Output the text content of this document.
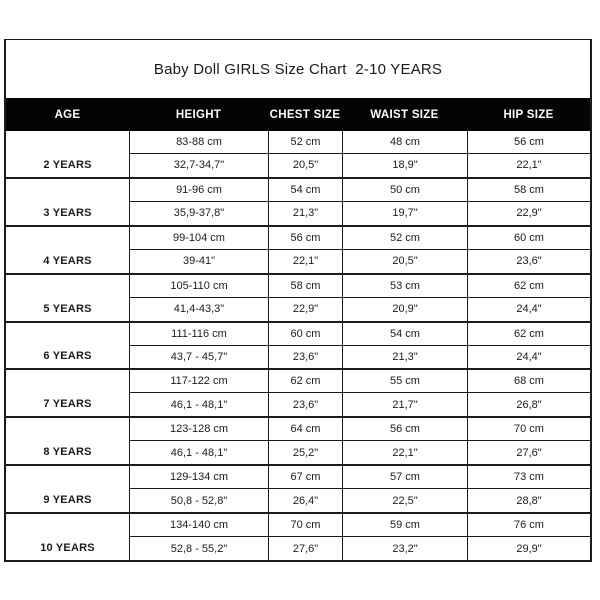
Baby Doll GIRLS Size Chart  2-10 YEARS
AGE	HEIGHT	CHEST SIZE	WAIST SIZE	HIP SIZE
2 YEARS
83-88 cm	52 cm	48 cm	56 cm
32,7-34,7"	20,5"	18,9"	22,1"
3 YEARS
91-96 cm	54 cm	50 cm	58 cm
35,9-37,8"	21,3"	19,7"	22,9"
4 YEARS
99-104 cm	56 cm	52 cm	60 cm
39-41"	22,1"	20,5"	23,6"
5 YEARS
105-110 cm	58 cm	53 cm	62 cm
41,4-43,3"	22,9"	20,9"	24,4"
6 YEARS
111-116 cm	60 cm	54 cm	62 cm
43,7 - 45,7"	23,6"	21,3"	24,4"
7 YEARS
117-122 cm	62 cm	55 cm	68 cm
46,1 - 48,1"	23,6"	21,7"	26,8"
8 YEARS
123-128 cm	64 cm	56 cm	70 cm
46,1 - 48,1"	25,2"	22,1"	27,6"
9 YEARS
129-134 cm	67 cm	57 cm	73 cm
50,8 - 52,8"	26,4"	22,5"	28,8"
10 YEARS
134-140 cm	70 cm	59 cm	76 cm
52,8 - 55,2"	27,6"	23,2"	29,9"
